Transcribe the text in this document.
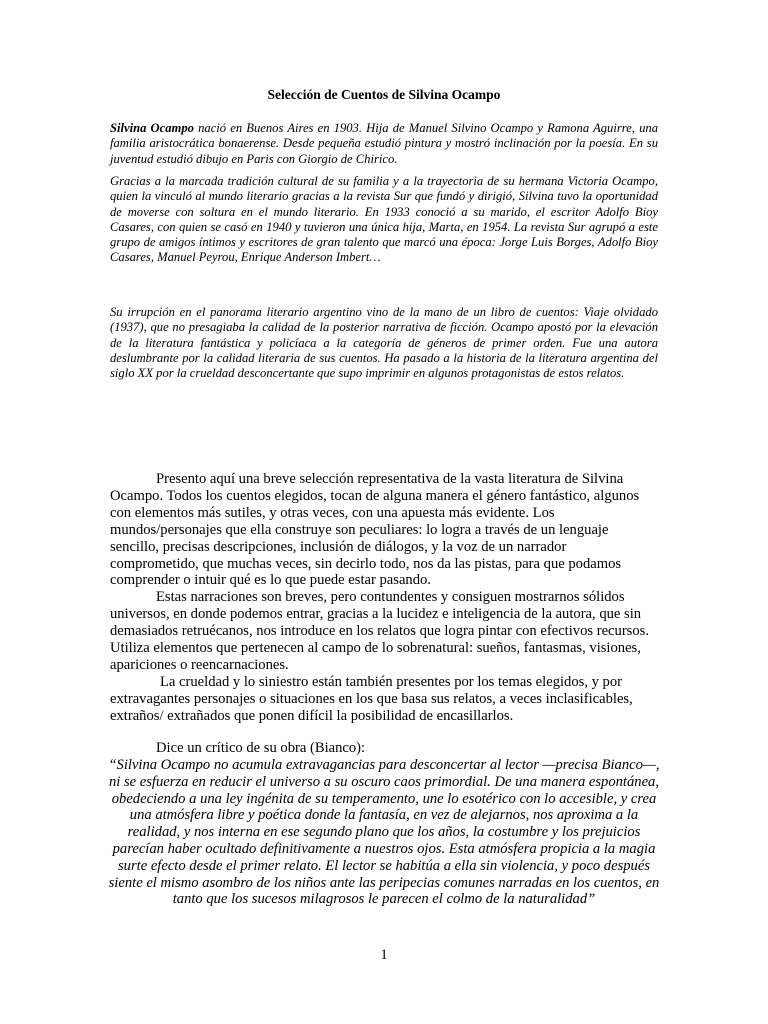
Selección de Cuentos de Silvina Ocampo
Silvina Ocampo nació en Buenos Aires en 1903. Hija de Manuel Silvino Ocampo y Ramona Aguirre, una familia aristocrática bonaerense. Desde pequeña estudió pintura y mostró inclinación por la poesía. En su juventud estudió dibujo en Paris con Giorgio de Chirico.
Gracias a la marcada tradición cultural de su familia y a la trayectoria de su hermana Victoria Ocampo, quien la vinculó al mundo literario gracias a la revista Sur que fundó y dirigió, Silvina tuvo la oportunidad de moverse con soltura en el mundo literario. En 1933 conoció a su marido, el escritor Adolfo Bioy Casares, con quien se casó en 1940 y tuvieron una única hija, Marta, en 1954. La revista Sur agrupó a este grupo de amigos íntimos y escritores de gran talento que marcó una época: Jorge Luis Borges, Adolfo Bioy Casares, Manuel Peyrou, Enrique Anderson Imbert…
Su irrupción en el panorama literario argentino vino de la mano de un libro de cuentos: Viaje olvidado (1937), que no presagiaba la calidad de la posterior narrativa de ficción. Ocampo apostó por la elevación de la literatura fantástica y policíaca a la categoría de géneros de primer orden. Fue una autora deslumbrante por la calidad literaria de sus cuentos. Ha pasado a la historia de la literatura argentina del siglo XX por la crueldad desconcertante que supo imprimir en algunos protagonistas de estos relatos.

Presento aquí una breve selección representativa de la vasta literatura de Silvina Ocampo. Todos los cuentos elegidos, tocan de alguna manera el género fantástico, algunos con elementos más sutiles, y otras veces, con una apuesta más evidente. Los mundos/personajes que ella construye son peculiares: lo logra a través de un lenguaje sencillo, precisas descripciones, inclusión de diálogos, y la voz de un narrador comprometido, que muchas veces, sin decirlo todo, nos da las pistas, para que podamos comprender o intuir qué es lo que puede estar pasando.

Estas narraciones son breves, pero contundentes y consiguen mostrarnos sólidos universos, en donde podemos entrar, gracias a la lucidez e inteligencia de la autora, que sin demasiados retruécanos, nos introduce en los relatos que logra pintar con efectivos recursos. Utiliza elementos que pertenecen al campo de lo sobrenatural: sueños, fantasmas, visiones, apariciones o reencarnaciones.

La crueldad y lo siniestro están también presentes por los temas elegidos, y por extravagantes personajes o situaciones en los que basa sus relatos, a veces inclasificables, extraños/ extrañados que ponen difícil la posibilidad de encasillarlos.

Dice un crítico de su obra (Bianco):

“Silvina Ocampo no acumula extravagancias para desconcertar al lector —precisa Bianco—, ni se esfuerza en reducir el universo a su oscuro caos primordial. De una manera espontánea, obedeciendo a una ley ingénita de su temperamento, une lo esotérico con lo accesible, y crea una atmósfera libre y poética donde la fantasía, en vez de alejarnos, nos aproxima a la realidad, y nos interna en ese segundo plano que los años, la costumbre y los prejuicios parecían haber ocultado definitivamente a nuestros ojos. Esta atmósfera propicia a la magia surte efecto desde el primer relato. El lector se habitúa a ella sin violencia, y poco después siente el mismo asombro de los niños ante las peripecias comunes narradas en los cuentos, en tanto que los sucesos milagrosos le parecen el colmo de la naturalidad”
1
